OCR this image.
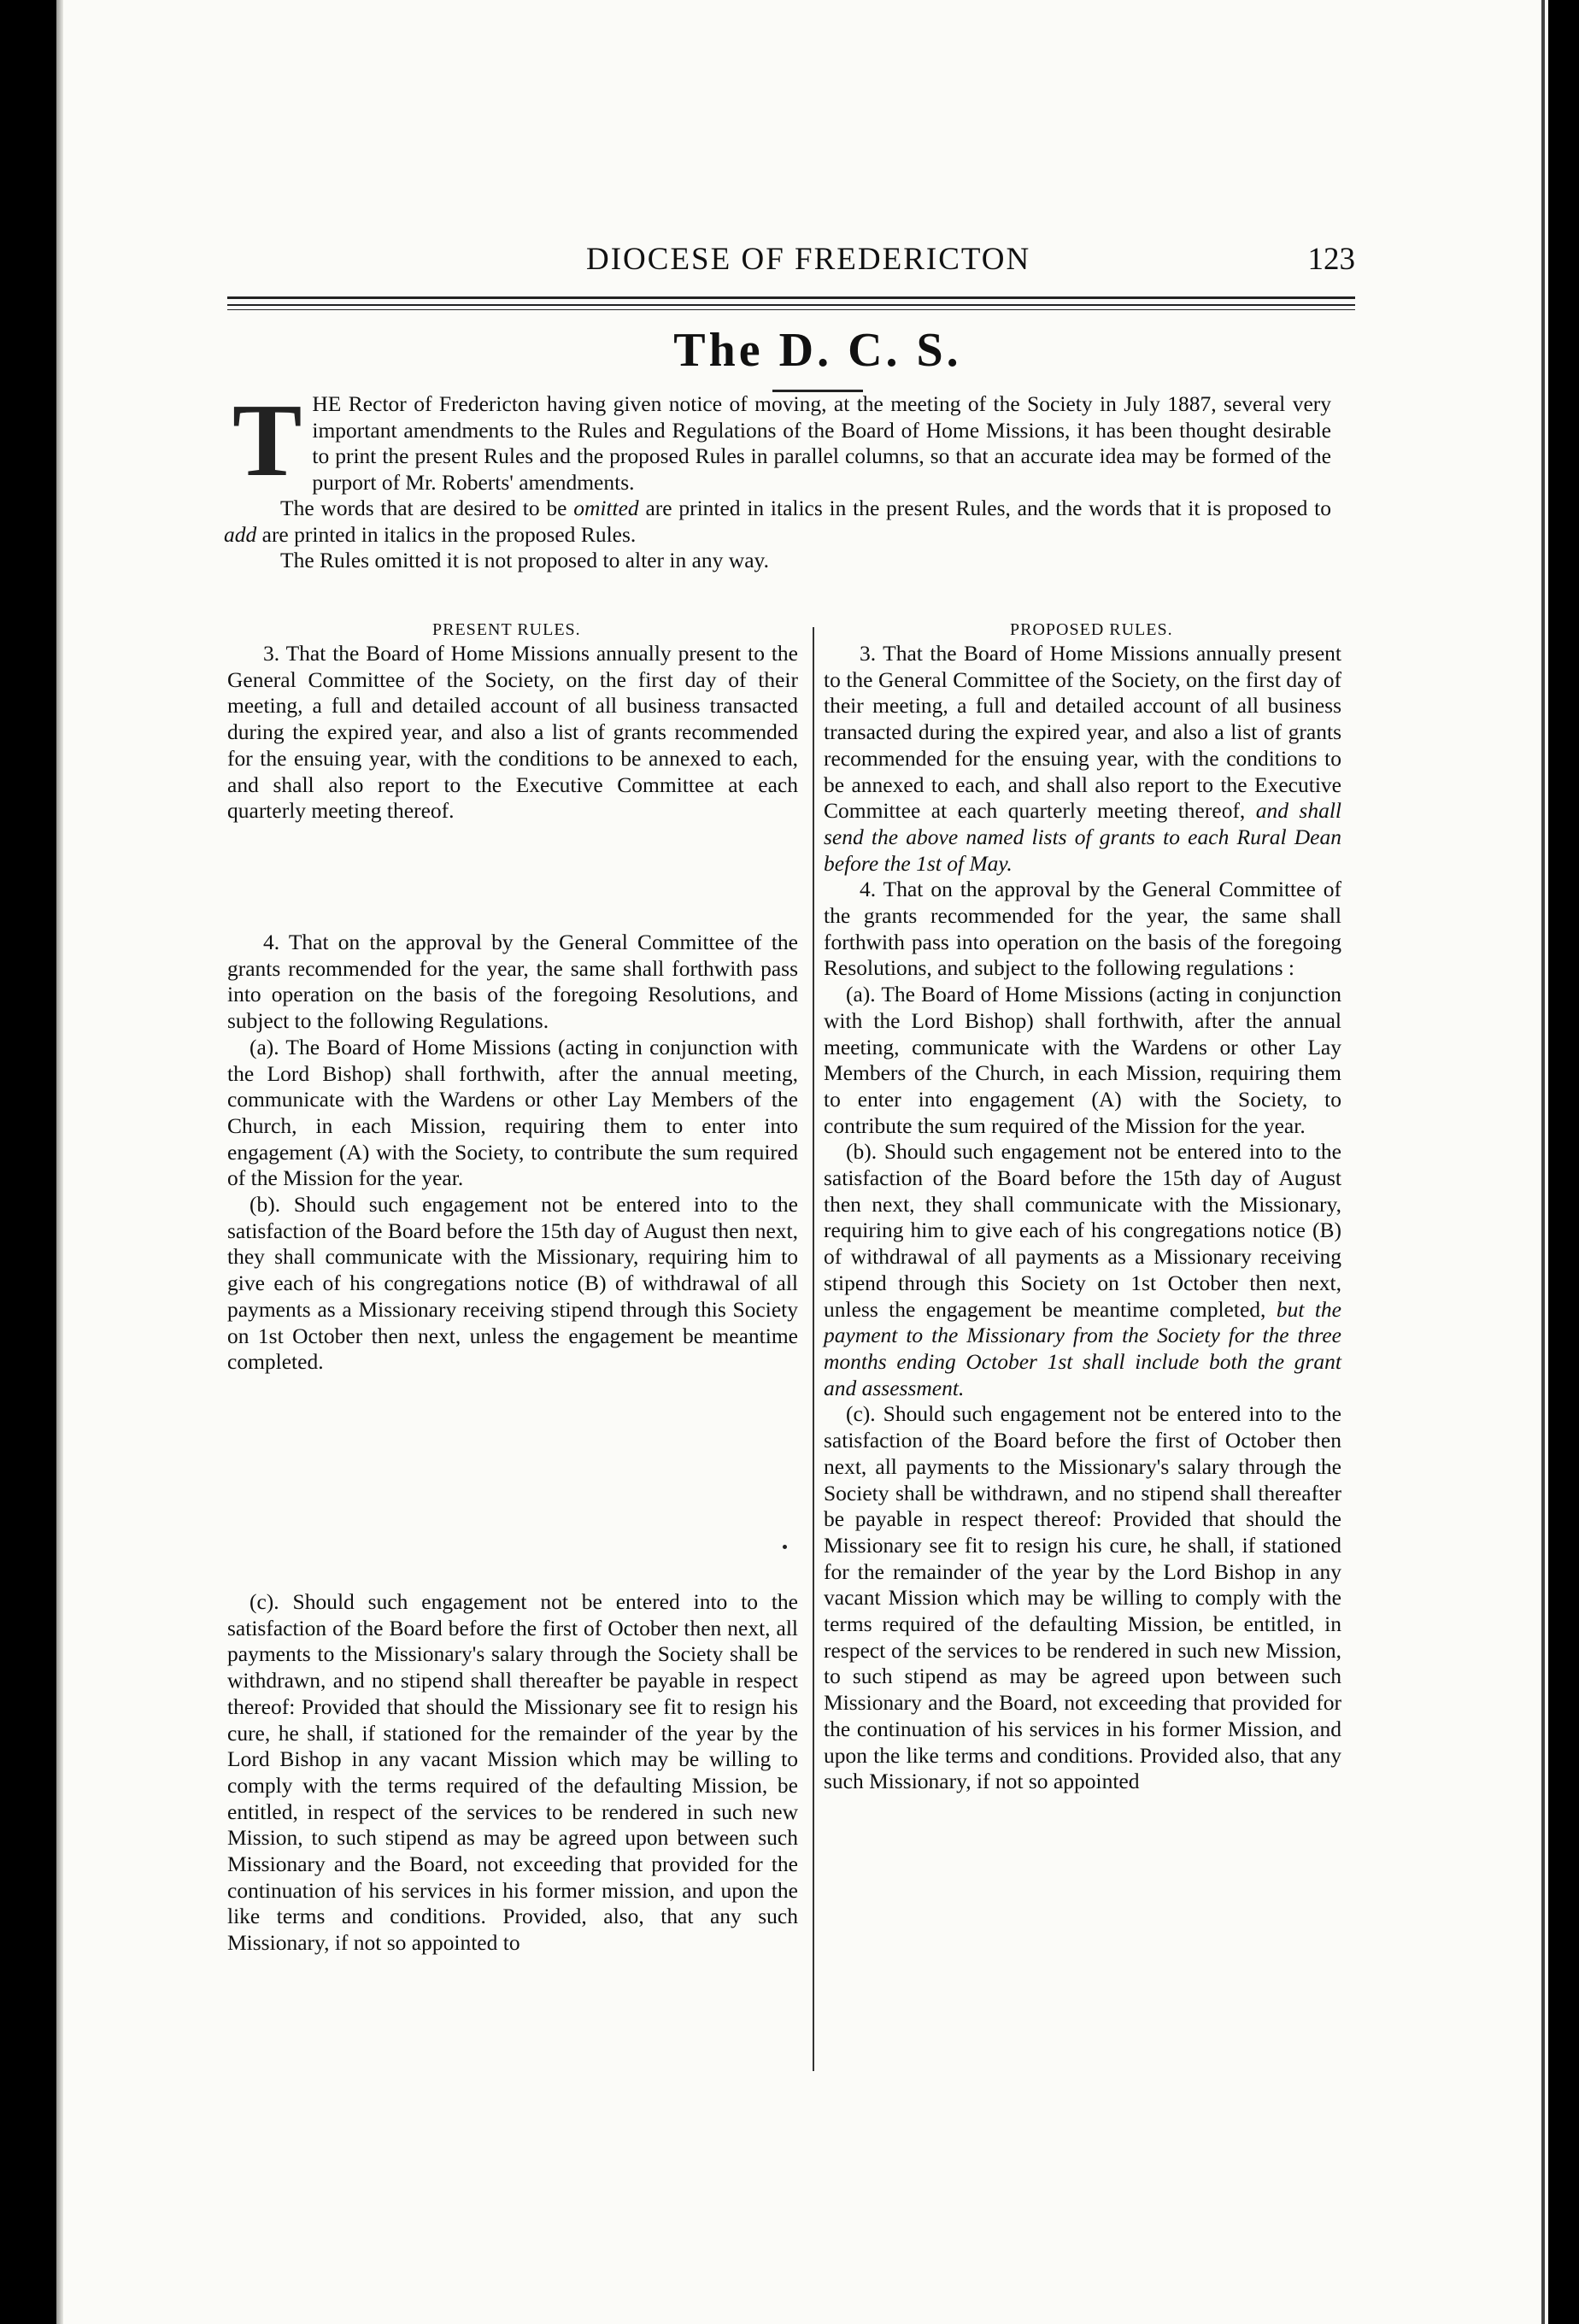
DIOCESE OF FREDERICTON	123
The D. C. S.

THE Rector of Fredericton having given notice of moving, at the meeting of the Society in July 1887, several very important amendments to the Rules and Regulations of the Board of Home Missions, it has been thought desirable to print the present Rules and the proposed Rules in parallel columns, so that an accurate idea may be formed of the purport of Mr. Roberts' amendments.

The words that are desired to be omitted are printed in italics in the present Rules, and the words that it is proposed to add are printed in italics in the proposed Rules.

The Rules omitted it is not proposed to alter in any way.

PRESENT RULES.	PROPOSED RULES.

3. That the Board of Home Missions annually present to the General Committee of the Society, on the first day of their meeting, a full and detailed account of all business transacted during the expired year, and also a list of grants recommended for the ensuing year, with the conditions to be annexed to each, and shall also report to the Executive Committee at each quarterly meeting thereof.

4. That on the approval by the General Committee of the grants recommended for the year, the same shall forthwith pass into operation on the basis of the foregoing Resolutions, and subject to the following Regulations.

(a). The Board of Home Missions (acting in conjunction with the Lord Bishop) shall forthwith, after the annual meeting, communicate with the Wardens or other Lay Members of the Church, in each Mission, requiring them to enter into engagement (A) with the Society, to contribute the sum required of the Mission for the year.

(b). Should such engagement not be entered into to the satisfaction of the Board before the 15th day of August then next, they shall communicate with the Missionary, requiring him to give each of his congregations notice (B) of withdrawal of all payments as a Missionary receiving stipend through this Society on 1st October then next, unless the engagement be meantime completed.

(c). Should such engagement not be entered into to the satisfaction of the Board before the first of October then next, all payments to the Missionary's salary through the Society shall be withdrawn, and no stipend shall thereafter be payable in respect thereof: Provided that should the Missionary see fit to resign his cure, he shall, if stationed for the remainder of the year by the Lord Bishop in any vacant Mission which may be willing to comply with the terms required of the defaulting Mission, be entitled, in respect of the services to be rendered in such new Mission, to such stipend as may be agreed upon between such Missionary and the Board, not exceeding that provided for the continuation of his services in his former mission, and upon the like terms and conditions. Provided, also, that any such Missionary, if not so appointed to

3. That the Board of Home Missions annually present to the General Committee of the Society, on the first day of their meeting, a full and detailed account of all business transacted during the expired year, and also a list of grants recommended for the ensuing year, with the conditions to be annexed to each, and shall also report to the Executive Committee at each quarterly meeting thereof, and shall send the above named lists of grants to each Rural Dean before the 1st of May.

4. That on the approval by the General Committee of the grants recommended for the year, the same shall forthwith pass into operation on the basis of the foregoing Resolutions, and subject to the following regulations :

(a). The Board of Home Missions (acting in conjunction with the Lord Bishop) shall forthwith, after the annual meeting, communicate with the Wardens or other Lay Members of the Church, in each Mission, requiring them to enter into engagement (A) with the Society, to contribute the sum required of the Mission for the year.

(b). Should such engagement not be entered into to the satisfaction of the Board before the 15th day of August then next, they shall communicate with the Missionary, requiring him to give each of his congregations notice (B) of withdrawal of all payments as a Missionary receiving stipend through this Society on 1st October then next, unless the engagement be meantime completed, but the payment to the Missionary from the Society for the three months ending October 1st shall include both the grant and assessment.

(c). Should such engagement not be entered into to the satisfaction of the Board before the first of October then next, all payments to the Missionary's salary through the Society shall be withdrawn, and no stipend shall thereafter be payable in respect thereof: Provided that should the Missionary see fit to resign his cure, he shall, if stationed for the remainder of the year by the Lord Bishop in any vacant Mission which may be willing to comply with the terms required of the defaulting Mission, be entitled, in respect of the services to be rendered in such new Mission, to such stipend as may be agreed upon between such Missionary and the Board, not exceeding that provided for the continuation of his services in his former Mission, and upon the like terms and conditions. Provided also, that any such Missionary, if not so appointed
